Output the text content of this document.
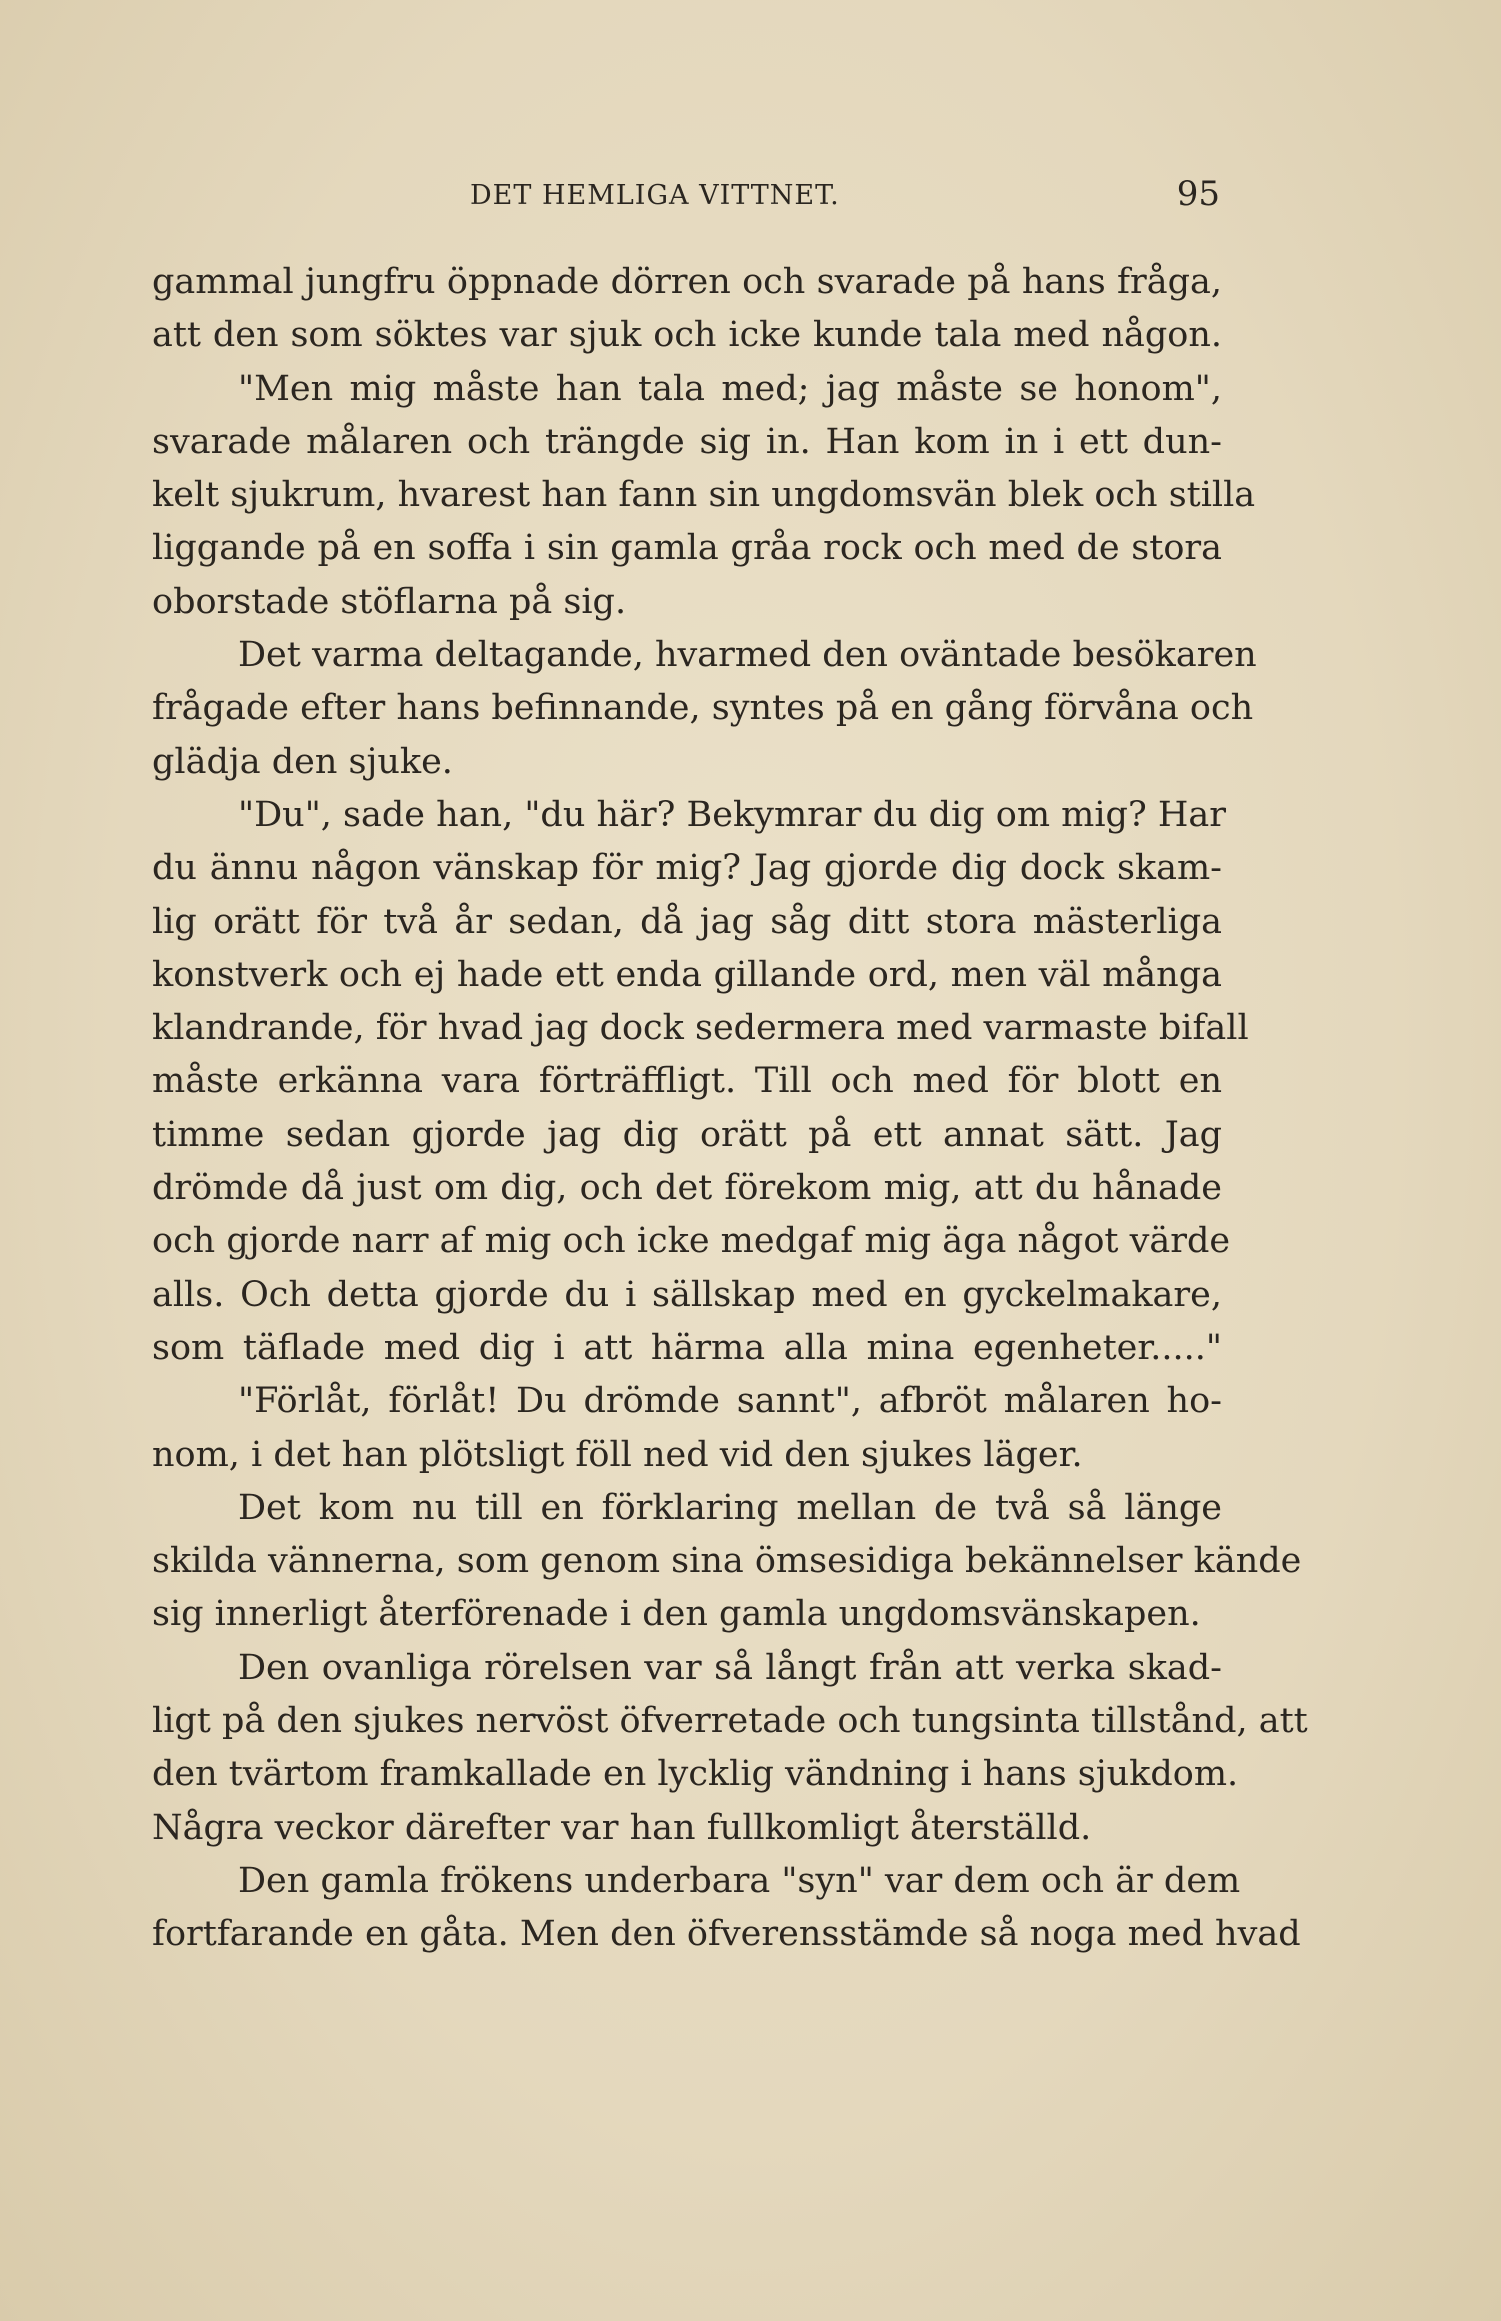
DET HEMLIGA VITTNET.	95
gammal jungfru öppnade dörren och svarade på hans fråga,
att den som söktes var sjuk och icke kunde tala med någon.
"Men mig måste han tala med; jag måste se honom",
svarade målaren och trängde sig in. Han kom in i ett dun-
kelt sjukrum, hvarest han fann sin ungdomsvän blek och stilla
liggande på en soffa i sin gamla gråa rock och med de stora
oborstade stöflarna på sig.
Det varma deltagande, hvarmed den oväntade besökaren
frågade efter hans befinnande, syntes på en gång förvåna och
glädja den sjuke.
"Du", sade han, "du här? Bekymrar du dig om mig? Har
du ännu någon vänskap för mig? Jag gjorde dig dock skam-
lig orätt för två år sedan, då jag såg ditt stora mästerliga
konstverk och ej hade ett enda gillande ord, men väl många
klandrande, för hvad jag dock sedermera med varmaste bifall
måste erkänna vara förträffligt. Till och med för blott en
timme sedan gjorde jag dig orätt på ett annat sätt. Jag
drömde då just om dig, och det förekom mig, att du hånade
och gjorde narr af mig och icke medgaf mig äga något värde
alls. Och detta gjorde du i sällskap med en gyckelmakare,
som täflade med dig i att härma alla mina egenheter....."
"Förlåt, förlåt! Du drömde sannt", afbröt målaren ho-
nom, i det han plötsligt föll ned vid den sjukes läger.
Det kom nu till en förklaring mellan de två så länge
skilda vännerna, som genom sina ömsesidiga bekännelser kände
sig innerligt återförenade i den gamla ungdomsvänskapen.
Den ovanliga rörelsen var så långt från att verka skad-
ligt på den sjukes nervöst öfverretade och tungsinta tillstånd, att
den tvärtom framkallade en lycklig vändning i hans sjukdom.
Några veckor därefter var han fullkomligt återställd.
Den gamla frökens underbara "syn" var dem och är dem
fortfarande en gåta. Men den öfverensstämde så noga med hvad
